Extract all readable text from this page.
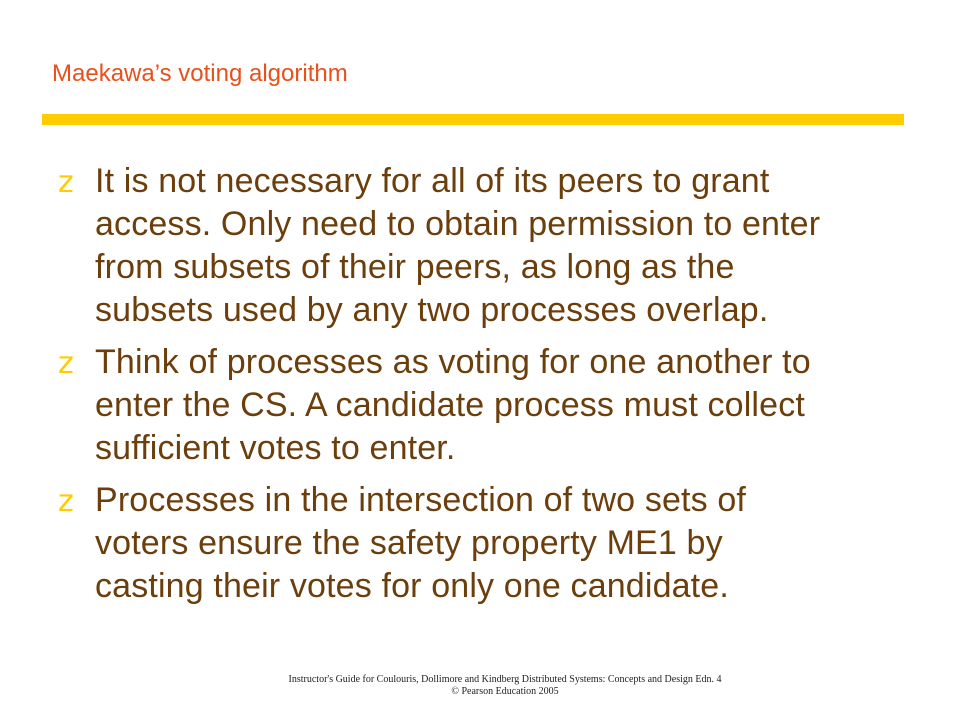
Maekawa’s voting algorithm
z It is not necessary for all of its peers to grant
access. Only need to obtain permission to enter
from subsets of their peers, as long as the
subsets used by any two processes overlap.
z Think of processes as voting for one another to
enter the CS. A candidate process must collect
sufficient votes to enter.
z Processes in the intersection of two sets of
voters ensure the safety property ME1 by
casting their votes for only one candidate.
Instructor's Guide for Coulouris, Dollimore and Kindberg Distributed Systems: Concepts and Design Edn. 4
© Pearson Education 2005
